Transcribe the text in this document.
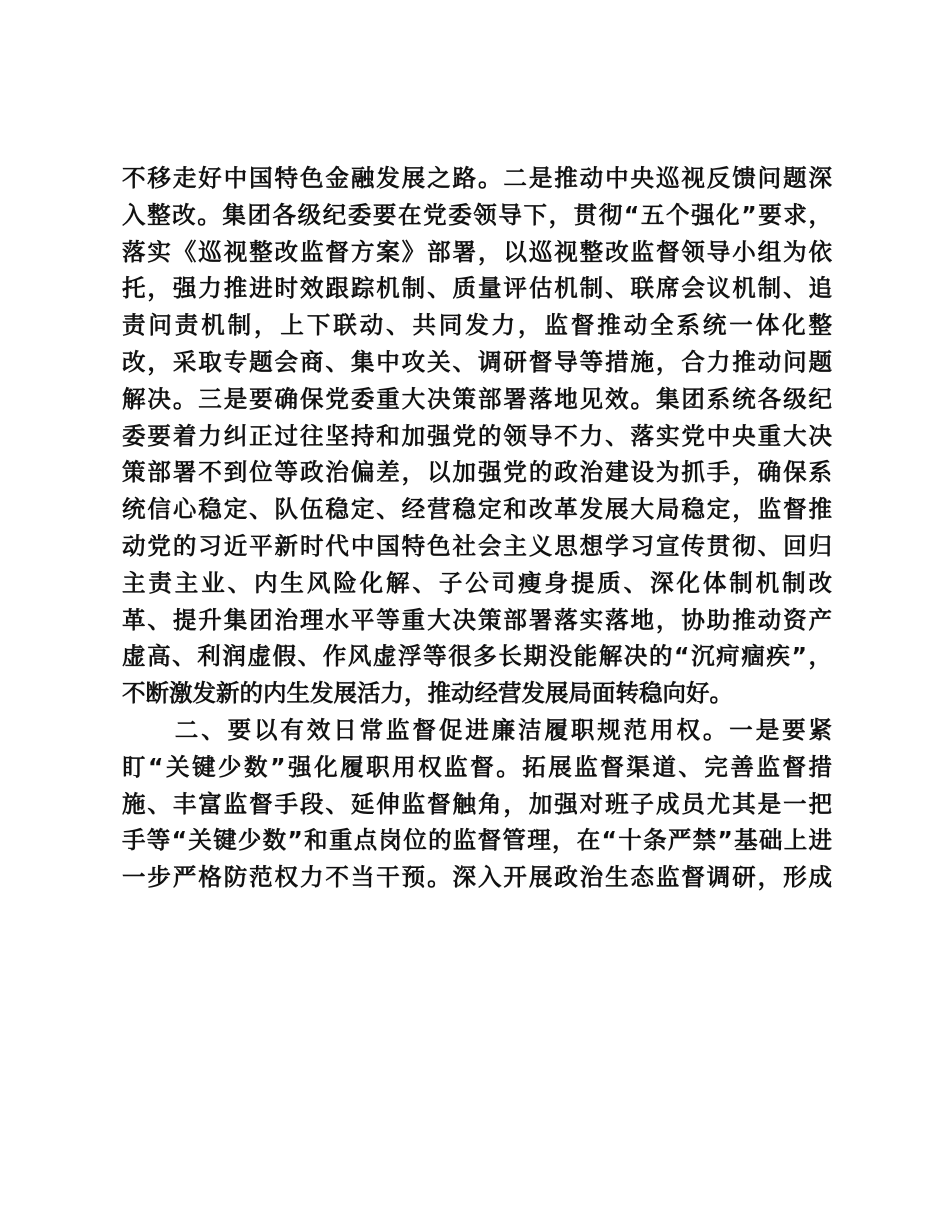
不移走好中国特色金融发展之路。二是推动中央巡视反馈问题深
入整改。集团各级纪委要在党委领导下，贯彻“五个强化”要求，
落实《巡视整改监督方案》部署，以巡视整改监督领导小组为依
托，强力推进时效跟踪机制、质量评估机制、联席会议机制、追
责问责机制，上下联动、共同发力，监督推动全系统一体化整
改，采取专题会商、集中攻关、调研督导等措施，合力推动问题
解决。三是要确保党委重大决策部署落地见效。集团系统各级纪
委要着力纠正过往坚持和加强党的领导不力、落实党中央重大决
策部署不到位等政治偏差，以加强党的政治建设为抓手，确保系
统信心稳定、队伍稳定、经营稳定和改革发展大局稳定，监督推
动党的习近平新时代中国特色社会主义思想学习宣传贯彻、回归
主责主业、内生风险化解、子公司瘦身提质、深化体制机制改
革、提升集团治理水平等重大决策部署落实落地，协助推动资产
虚高、利润虚假、作风虚浮等很多长期没能解决的“沉疴痼疾”，
不断激发新的内生发展活力，推动经营发展局面转稳向好。
　　二、要以有效日常监督促进廉洁履职规范用权。一是要紧
盯“关键少数”强化履职用权监督。拓展监督渠道、完善监督措
施、丰富监督手段、延伸监督触角，加强对班子成员尤其是一把
手等“关键少数”和重点岗位的监督管理，在“十条严禁”基础上进
一步严格防范权力不当干预。深入开展政治生态监督调研，形成
